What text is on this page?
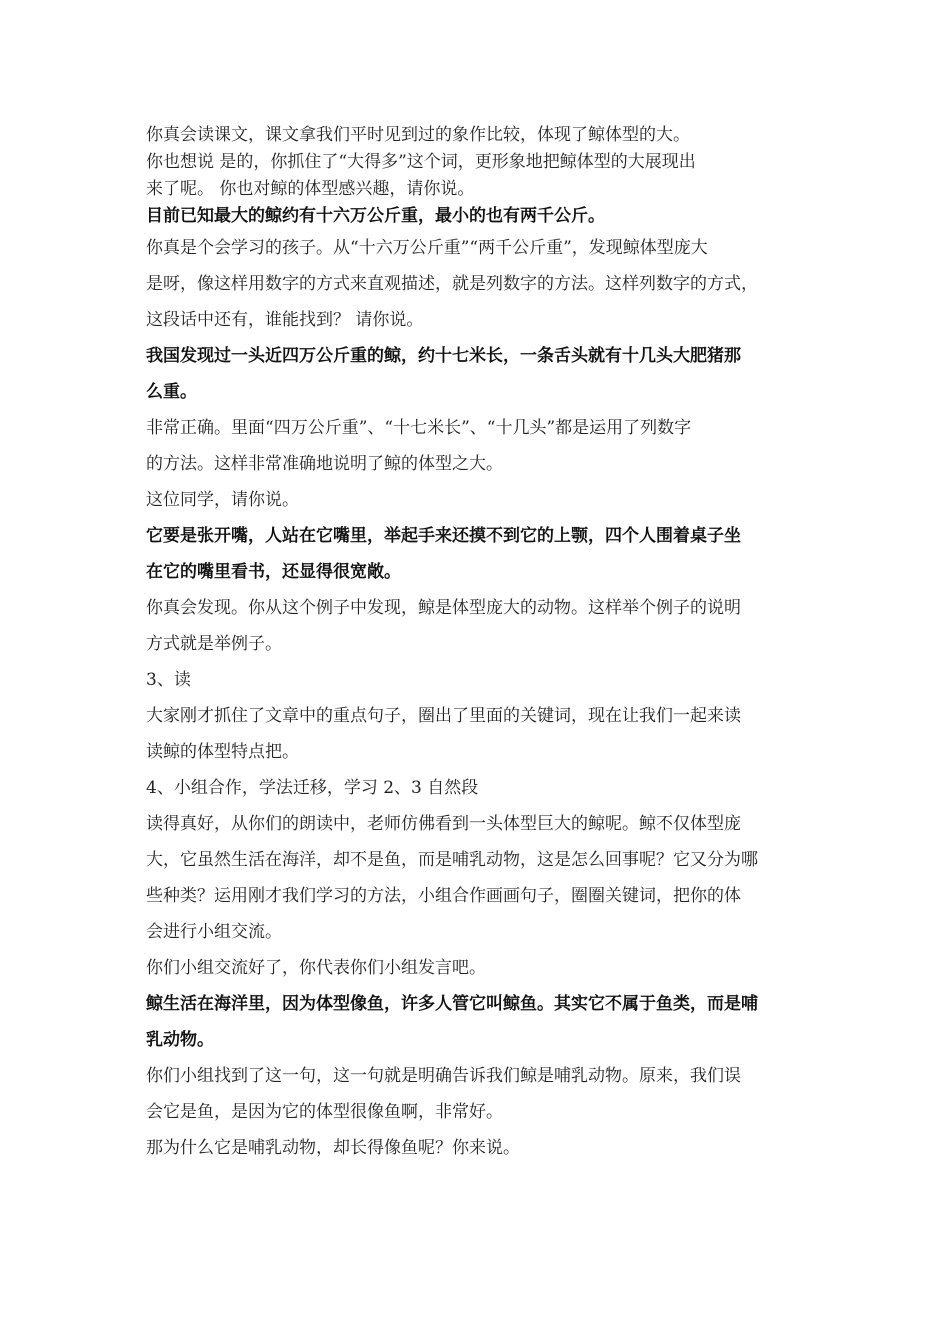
你真会读课文，课文拿我们平时见到过的象作比较，体现了鲸体型的大。

你也想说 是的，你抓住了“大得多”这个词，更形象地把鲸体型的大展现出

来了呢。 你也对鲸的体型感兴趣，请你说。

目前已知最大的鲸约有十六万公斤重，最小的也有两千公斤。

你真是个会学习的孩子。从“十六万公斤重”“两千公斤重”，发现鲸体型庞大

是呀，像这样用数字的方式来直观描述，就是列数字的方法。这样列数字的方式，

这段话中还有，谁能找到？ 请你说。

我国发现过一头近四万公斤重的鲸，约十七米长，一条舌头就有十几头大肥猪那

么重。

非常正确。里面“四万公斤重”、“十七米长”、“十几头”都是运用了列数字

的方法。这样非常准确地说明了鲸的体型之大。

这位同学，请你说。

它要是张开嘴，人站在它嘴里，举起手来还摸不到它的上颚，四个人围着桌子坐

在它的嘴里看书，还显得很宽敞。

你真会发现。你从这个例子中发现，鲸是体型庞大的动物。这样举个例子的说明

方式就是举例子。

3、读

大家刚才抓住了文章中的重点句子，圈出了里面的关键词，现在让我们一起来读

读鲸的体型特点把。

4、小组合作，学法迁移，学习 2、3 自然段

读得真好，从你们的朗读中，老师仿佛看到一头体型巨大的鲸呢。鲸不仅体型庞

大，它虽然生活在海洋，却不是鱼，而是哺乳动物，这是怎么回事呢？它又分为哪

些种类？运用刚才我们学习的方法，小组合作画画句子，圈圈关键词，把你的体

会进行小组交流。

你们小组交流好了，你代表你们小组发言吧。

鲸生活在海洋里，因为体型像鱼，许多人管它叫鲸鱼。其实它不属于鱼类，而是哺

乳动物。

你们小组找到了这一句，这一句就是明确告诉我们鲸是哺乳动物。原来，我们误

会它是鱼，是因为它的体型很像鱼啊，非常好。

那为什么它是哺乳动物，却长得像鱼呢？你来说。
